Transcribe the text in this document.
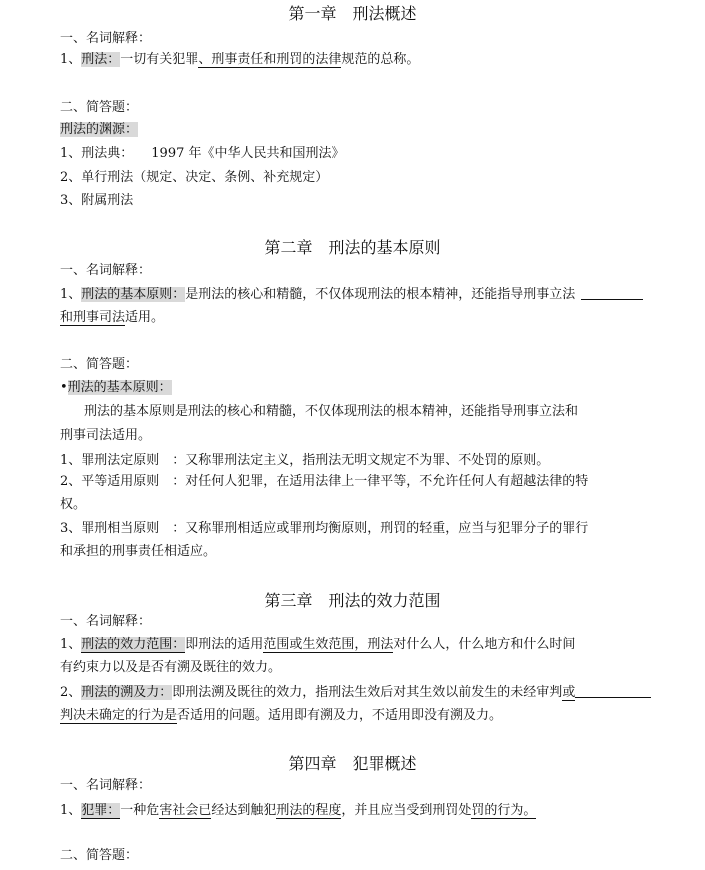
第一章　刑法概述
一、名词解释：
1、刑法：一切有关犯罪、刑事责任和刑罚的法律规范的总称。
二、简答题：
刑法的渊源：
1、刑法典： 1997 年《中华人民共和国刑法》
2、单行刑法（规定、决定、条例、补充规定）
3、附属刑法
第二章　刑法的基本原则
一、名词解释：
1、刑法的基本原则：是刑法的核心和精髓，不仅体现刑法的根本精神，还能指导刑事立法
和刑事司法适用。
二、简答题：
•刑法的基本原则：
刑法的基本原则是刑法的核心和精髓，不仅体现刑法的根本精神，还能指导刑事立法和
刑事司法适用。
1、罪刑法定原则　：又称罪刑法定主义，指刑法无明文规定不为罪、不处罚的原则。
2、平等适用原则　：对任何人犯罪，在适用法律上一律平等，不允许任何人有超越法律的特
权。
3、罪刑相当原则　：又称罪刑相适应或罪刑均衡原则，刑罚的轻重，应当与犯罪分子的罪行
和承担的刑事责任相适应。
第三章　刑法的效力范围
一、名词解释：
1、刑法的效力范围：即刑法的适用范围或生效范围，刑法对什么人，什么地方和什么时间
有约束力以及是否有溯及既往的效力。
2、刑法的溯及力：即刑法溯及既往的效力，指刑法生效后对其生效以前发生的未经审判或
判决未确定的行为是否适用的问题。适用即有溯及力，不适用即没有溯及力。
第四章　犯罪概述
一、名词解释：
1、犯罪：一种危害社会已经达到触犯刑法的程度，并且应当受到刑罚处罚的行为。
二、简答题：
